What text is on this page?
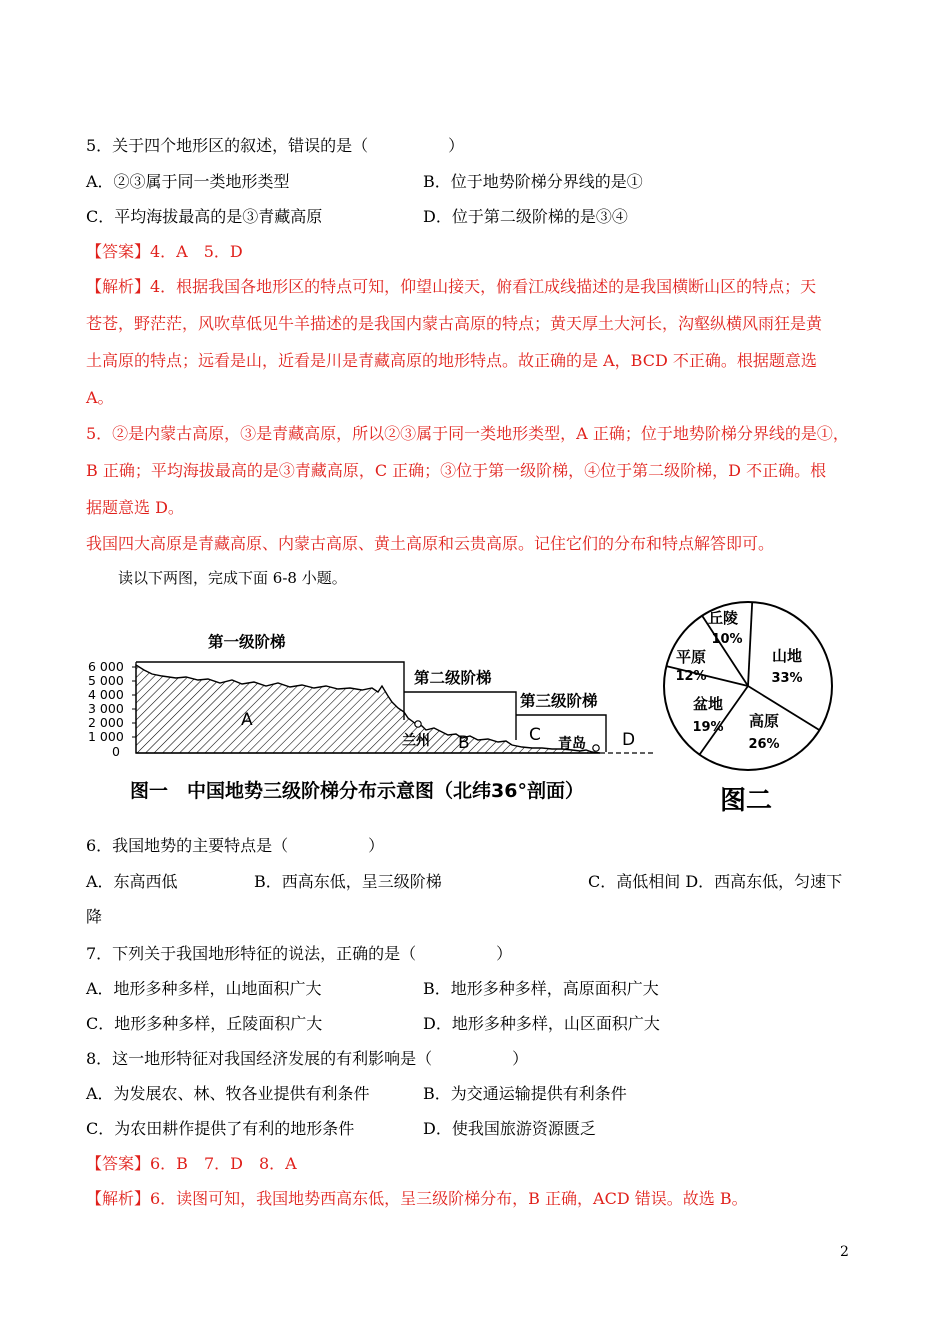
5．关于四个地形区的叙述，错误的是（　　　　　）
A．②③属于同一类地形类型	B．位于地势阶梯分界线的是①
C．平均海拔最高的是③青藏高原	D．位于第二级阶梯的是③④
【答案】4．A　5．D
【解析】4．根据我国各地形区的特点可知，仰望山接天，俯看江成线描述的是我国横断山区的特点；天
苍苍，野茫茫，风吹草低见牛羊描述的是我国内蒙古高原的特点；黄天厚土大河长，沟壑纵横风雨狂是黄
土高原的特点；远看是山，近看是川是青藏高原的地形特点。故正确的是 A，BCD 不正确。根据题意选
A。
5．②是内蒙古高原，③是青藏高原，所以②③属于同一类地形类型，A 正确；位于地势阶梯分界线的是①，
B 正确；平均海拔最高的是③青藏高原，C 正确；③位于第一级阶梯，④位于第二级阶梯，D 不正确。根
据题意选 D。
我国四大高原是青藏高原、内蒙古高原、黄土高原和云贵高原。记住它们的分布和特点解答即可。
读以下两图，完成下面 6-8 小题。
6 000
5 000
4 000
3 000
2 000
1 000
0
第一级阶梯
第二级阶梯
第三级阶梯
A
B	C	D
兰州	青岛
图一　中国地势三级阶梯分布示意图（北纬36°剖面）
山地
33%
高原
26%
盆地
19%
平原
12%
丘陵
10%
图二
6．我国地势的主要特点是（　　　　　）
A．东高西低	B．西高东低，呈三级阶梯	C．高低相间 D．西高东低，匀速下
降
7．下列关于我国地形特征的说法，正确的是（　　　　　）
A．地形多种多样，山地面积广大	B．地形多种多样，高原面积广大
C．地形多种多样，丘陵面积广大	D．地形多种多样，山区面积广大
8．这一地形特征对我国经济发展的有利影响是（　　　　　）
A．为发展农、林、牧各业提供有利条件	B．为交通运输提供有利条件
C．为农田耕作提供了有利的地形条件	D．使我国旅游资源匮乏
【答案】6．B　7．D　8．A
【解析】6．读图可知，我国地势西高东低，呈三级阶梯分布，B 正确，ACD 错误。故选 B。
2
